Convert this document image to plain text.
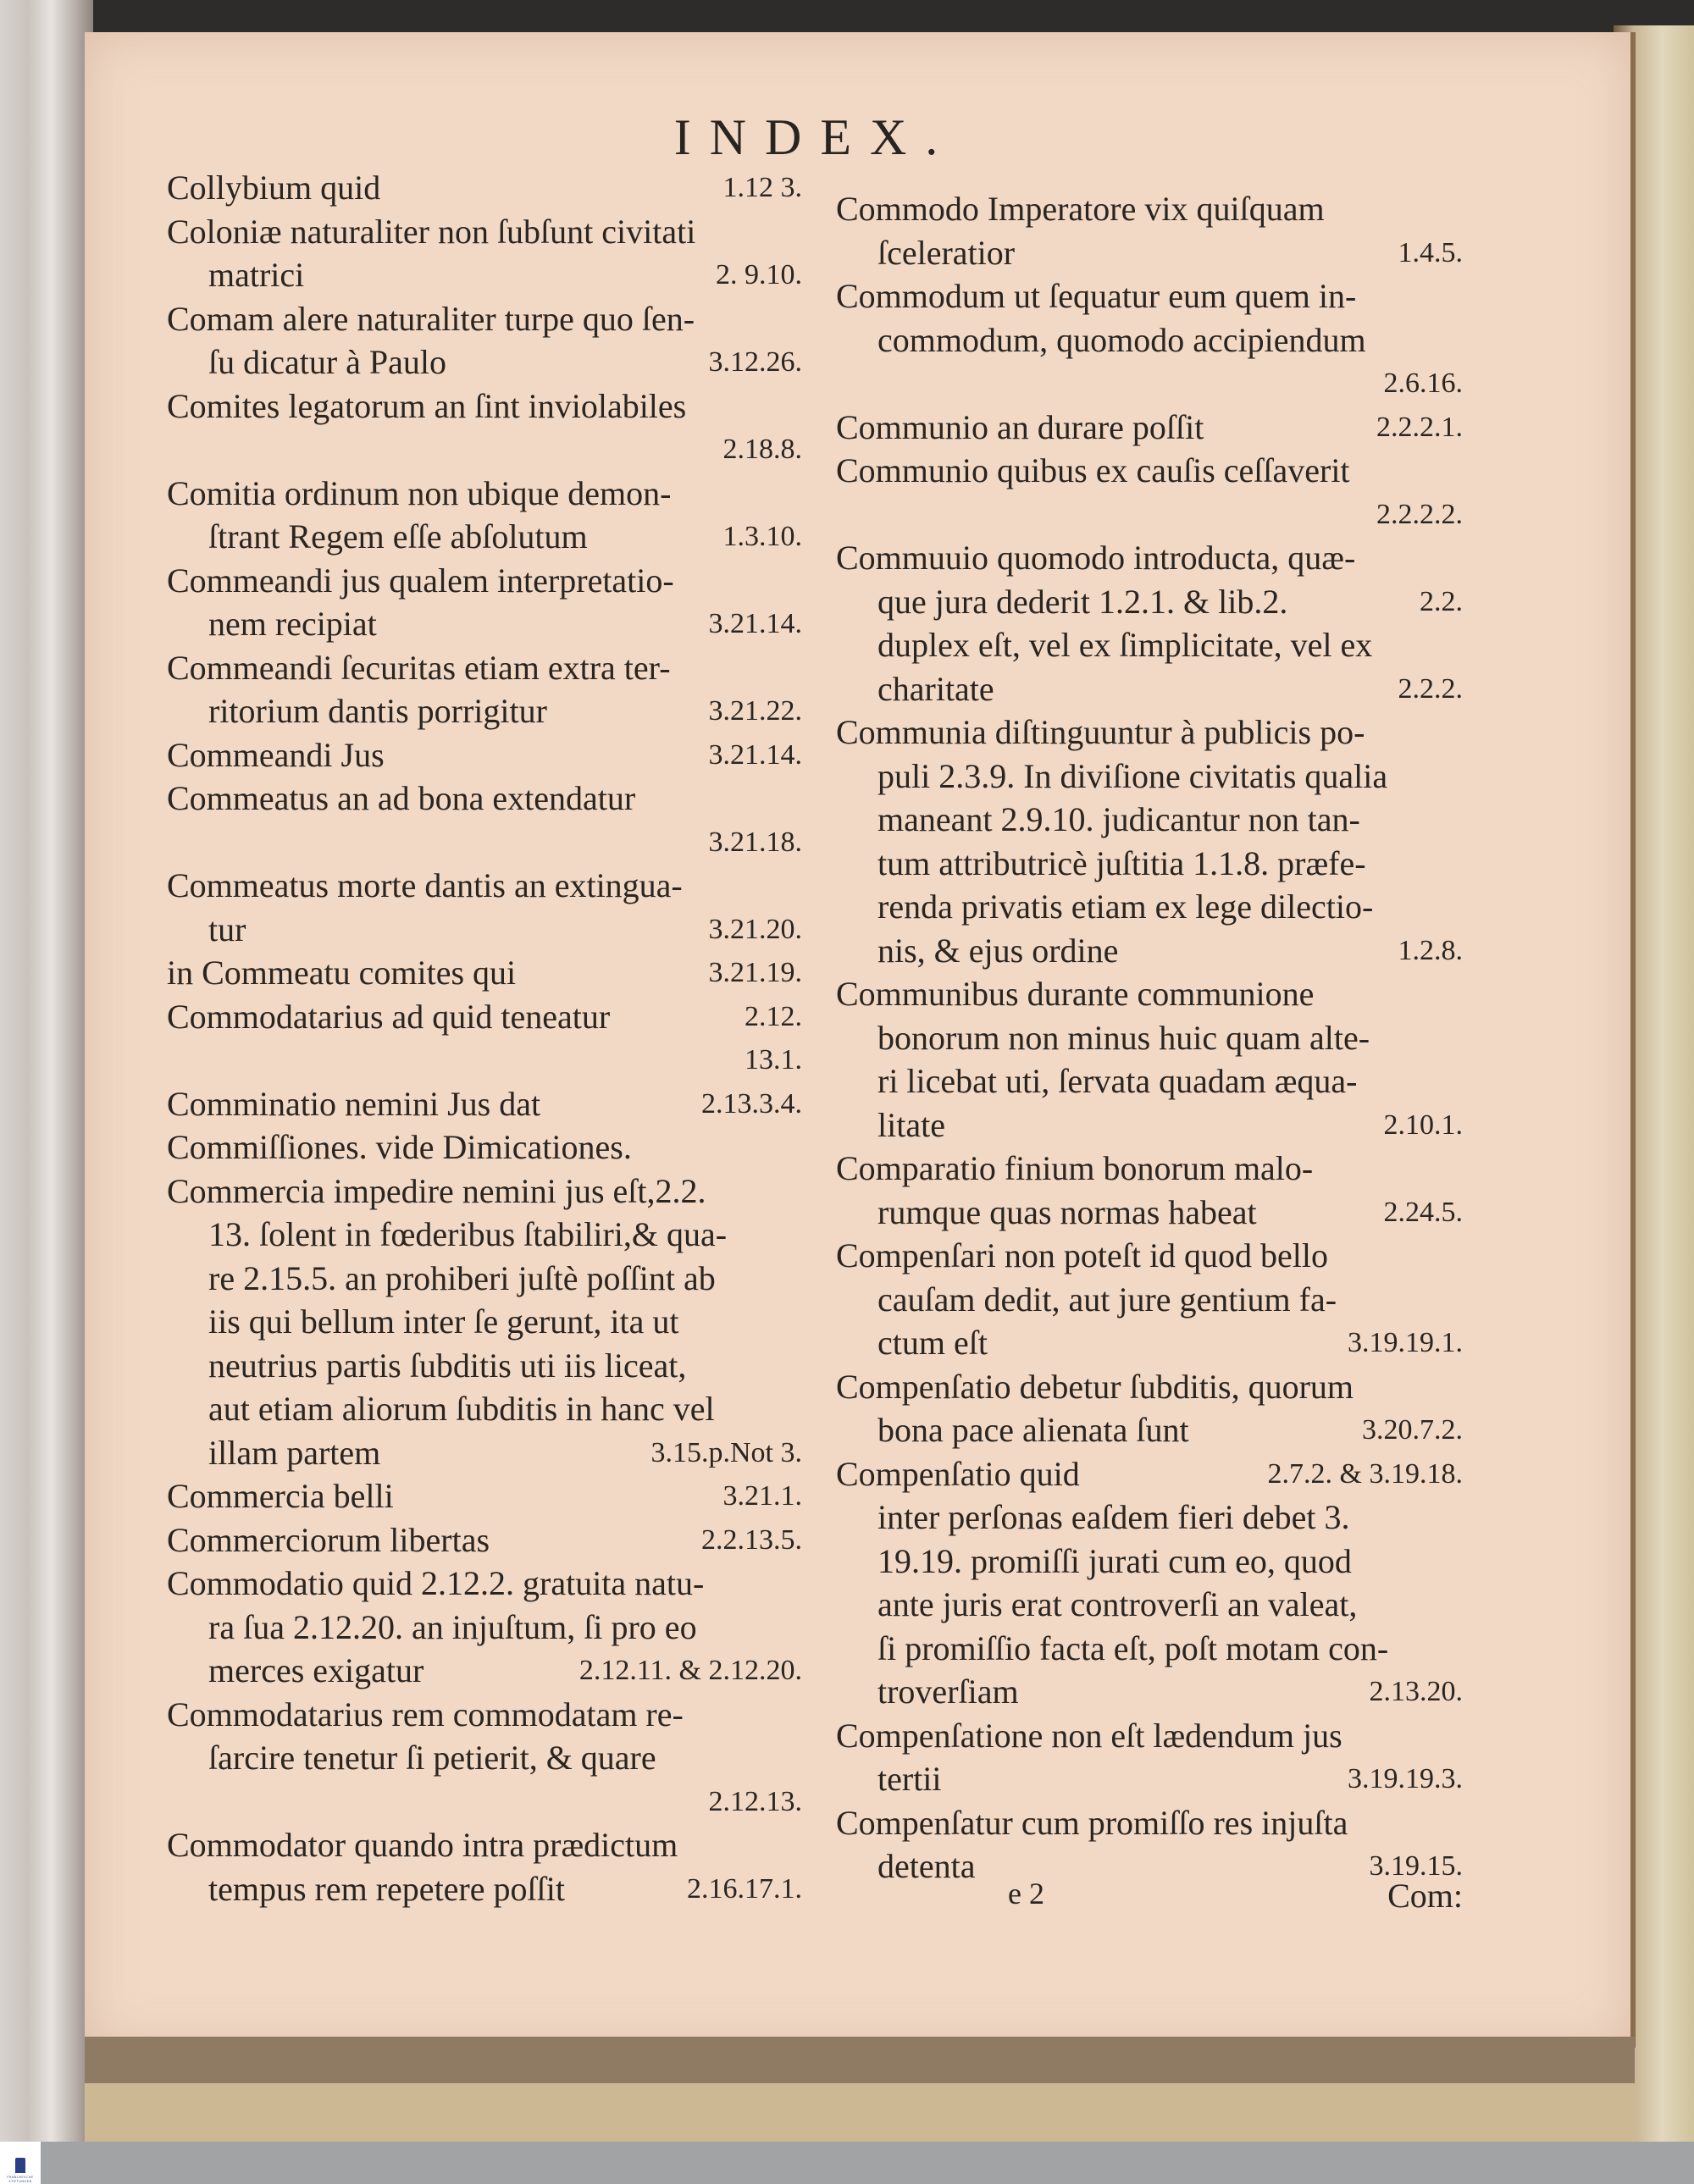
INDEX.
Collybium quid	1.12 3.
Coloniæ naturaliter non ſubſunt civitati
matrici	2. 9.10.
Comam alere naturaliter turpe quo ſen-
ſu dicatur à Paulo	3.12.26.
Comites legatorum an ſint inviolabiles
2.18.8.
Comitia ordinum non ubique demon-
ſtrant Regem eſſe abſolutum	1.3.10.
Commeandi jus qualem interpretatio-
nem recipiat	3.21.14.
Commeandi ſecuritas etiam extra ter-
ritorium dantis porrigitur	3.21.22.
Commeandi Jus	3.21.14.
Commeatus an ad bona extendatur
3.21.18.
Commeatus morte dantis an extingua-
tur	3.21.20.
in Commeatu comites qui	3.21.19.
Commodatarius ad quid teneatur	2.12.
13.1.
Comminatio nemini Jus dat	2.13.3.4.
Commiſſiones. vide Dimicationes.
Commercia impedire nemini jus eſt,2.2.
13. ſolent in fœderibus ſtabiliri,& qua-
re 2.15.5. an prohiberi juſtè poſſint ab
iis qui bellum inter ſe gerunt, ita ut
neutrius partis ſubditis uti iis liceat,
aut etiam aliorum ſubditis in hanc vel
illam partem	3.15.p.Not 3.
Commercia belli	3.21.1.
Commerciorum libertas	2.2.13.5.
Commodatio quid 2.12.2. gratuita natu-
ra ſua 2.12.20. an injuſtum, ſi pro eo
merces exigatur	2.12.11. & 2.12.20.
Commodatarius rem commodatam re-
ſarcire tenetur ſi petierit, & quare
2.12.13.
Commodator quando intra prædictum
tempus rem repetere poſſit	2.16.17.1.
Commodo Imperatore vix quiſquam
ſceleratior	1.4.5.
Commodum ut ſequatur eum quem in-
commodum, quomodo accipiendum
2.6.16.
Communio an durare poſſit	2.2.2.1.
Communio quibus ex cauſis ceſſaverit
2.2.2.2.
Commuuio quomodo introducta, quæ-
que jura dederit 1.2.1. & lib.2.	2.2.
duplex eſt, vel ex ſimplicitate, vel ex
charitate	2.2.2.
Communia diſtinguuntur à publicis po-
puli 2.3.9. In diviſione civitatis qualia
maneant 2.9.10. judicantur non tan-
tum attributricè juſtitia 1.1.8. præfe-
renda privatis etiam ex lege dilectio-
nis, & ejus ordine	1.2.8.
Communibus durante communione
bonorum non minus huic quam alte-
ri licebat uti, ſervata quadam æqua-
litate	2.10.1.
Comparatio finium bonorum malo-
rumque quas normas habeat	2.24.5.
Compenſari non poteſt id quod bello
cauſam dedit, aut jure gentium fa-
ctum eſt	3.19.19.1.
Compenſatio debetur ſubditis, quorum
bona pace alienata ſunt	3.20.7.2.
Compenſatio quid	2.7.2. & 3.19.18.
inter perſonas eaſdem fieri debet 3.
19.19. promiſſi jurati cum eo, quod
ante juris erat controverſi an valeat,
ſi promiſſio facta eſt, poſt motam con-
troverſiam	2.13.20.
Compenſatione non eſt lædendum jus
tertii	3.19.19.3.
Compenſatur cum promiſſo res injuſta
detenta	3.19.15.
e 2	Com:
FRANCKESCHE
STIFTUNGEN
